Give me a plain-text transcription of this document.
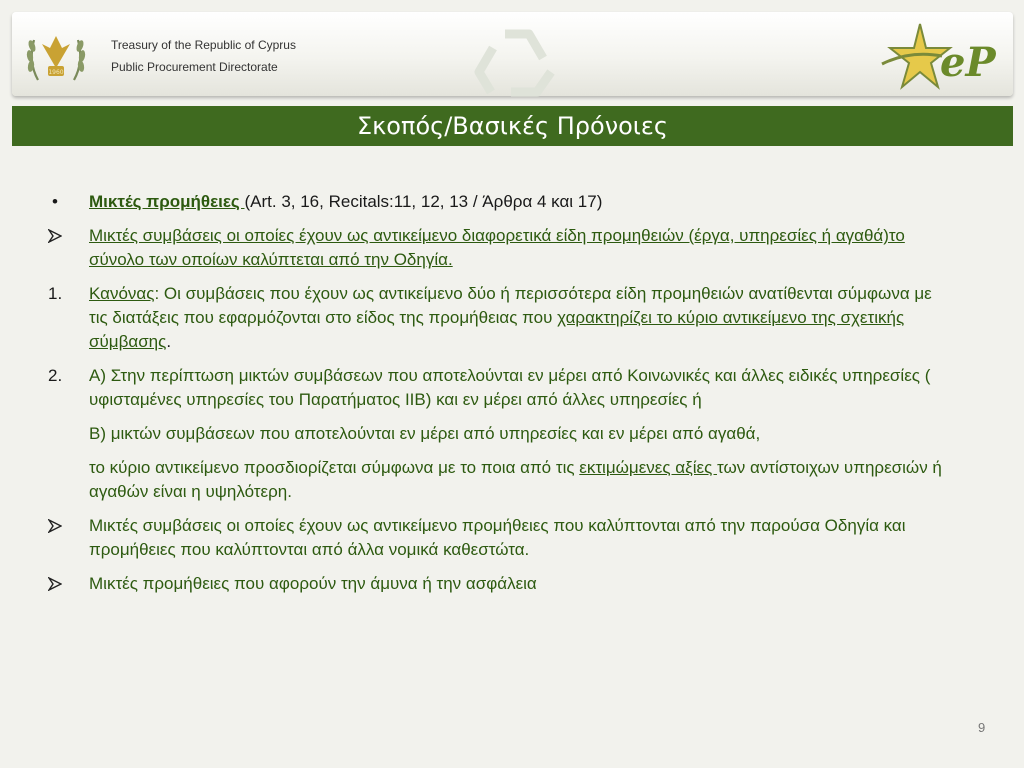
1960
Treasury of the Republic of Cyprus
Public Procurement Directorate	eP
Σκοπός/Βασικές Πρόνοιες
•	Μικτές προμήθειες (Art. 3, 16, Recitals:11, 12, 13 / Άρθρα 4 και 17)
Μικτές συμβάσεις οι οποίες έχουν ως αντικείμενο διαφορετικά είδη προμηθειών (έργα, υπηρεσίες ή αγαθά)το σύνολο των οποίων καλύπτεται από την Οδηγία.
1.	Κανόνας: Οι συμβάσεις που έχουν ως αντικείμενο δύο ή περισσότερα είδη προμηθειών ανατίθενται σύμφωνα με τις διατάξεις που εφαρμόζονται στο είδος της προμήθειας που χαρακτηρίζει το κύριο αντικείμενο της σχετικής σύμβασης.
2.	Α) Στην περίπτωση μικτών συμβάσεων που αποτελούνται εν μέρει από Κοινωνικές και άλλες ειδικές υπηρεσίες ( υφισταμένες υπηρεσίες του Παρατήματος ΙΙΒ) και εν μέρει από άλλες υπηρεσίες ή
Β) μικτών συμβάσεων που αποτελούνται εν μέρει από υπηρεσίες και εν μέρει από αγαθά,
το κύριο αντικείμενο προσδιορίζεται σύμφωνα με το ποια από τις εκτιμώμενες αξίες των αντίστοιχων υπηρεσιών ή αγαθών είναι η υψηλότερη.
Μικτές συμβάσεις οι οποίες έχουν ως αντικείμενο προμήθειες που καλύπτονται από την παρούσα Οδηγία και προμήθειες που καλύπτονται από άλλα νομικά καθεστώτα.
Μικτές προμήθειες που αφορούν την άμυνα ή την ασφάλεια
9
